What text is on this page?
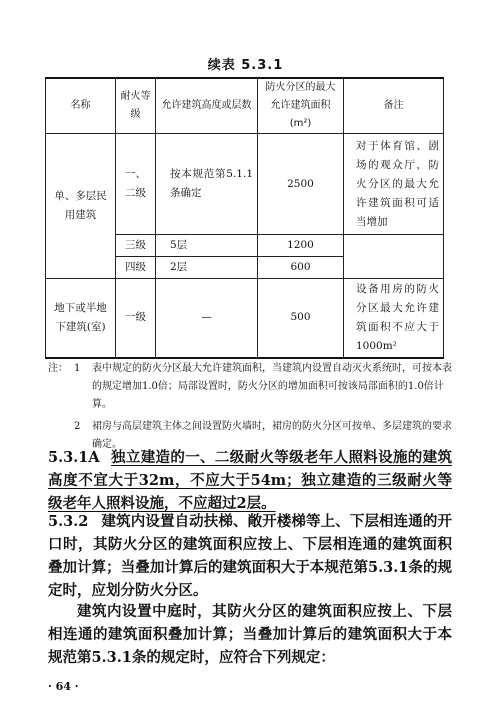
续表 5.3.1
名称	耐火等级	允许建筑高度或层数	防火分区的最大允许建筑面积(m²)	备注
单、多层民用建筑	一、二级	按本规范第5.1.1条确定	2500	对于体育馆、剧场的观众厅，防火分区的最大允许建筑面积可适当增加
	三级	5层	1200	
	四级	2层	600	
地下或半地下建筑(室)	一级	—	500	设备用房的防火分区最大允许建筑面积不应大于1000m²
注： 1	表中规定的防火分区最大允许建筑面积，当建筑内设置自动灭火系统时，可按本表的规定增加1.0倍；局部设置时，防火分区的增加面积可按该局部面积的1.0倍计算。
2	裙房与高层建筑主体之间设置防火墙时，裙房的防火分区可按单、多层建筑的要求确定。
5.3.1A 独立建造的一、二级耐火等级老年人照料设施的建筑高度不宜大于32m，不应大于54m；独立建造的三级耐火等级老年人照料设施，不应超过2层。
5.3.2 建筑内设置自动扶梯、敞开楼梯等上、下层相连通的开口时，其防火分区的建筑面积应按上、下层相连通的建筑面积叠加计算；当叠加计算后的建筑面积大于本规范第5.3.1条的规定时，应划分防火分区。
建筑内设置中庭时，其防火分区的建筑面积应按上、下层相连通的建筑面积叠加计算；当叠加计算后的建筑面积大于本规范第5.3.1条的规定时，应符合下列规定：
· 64 ·
